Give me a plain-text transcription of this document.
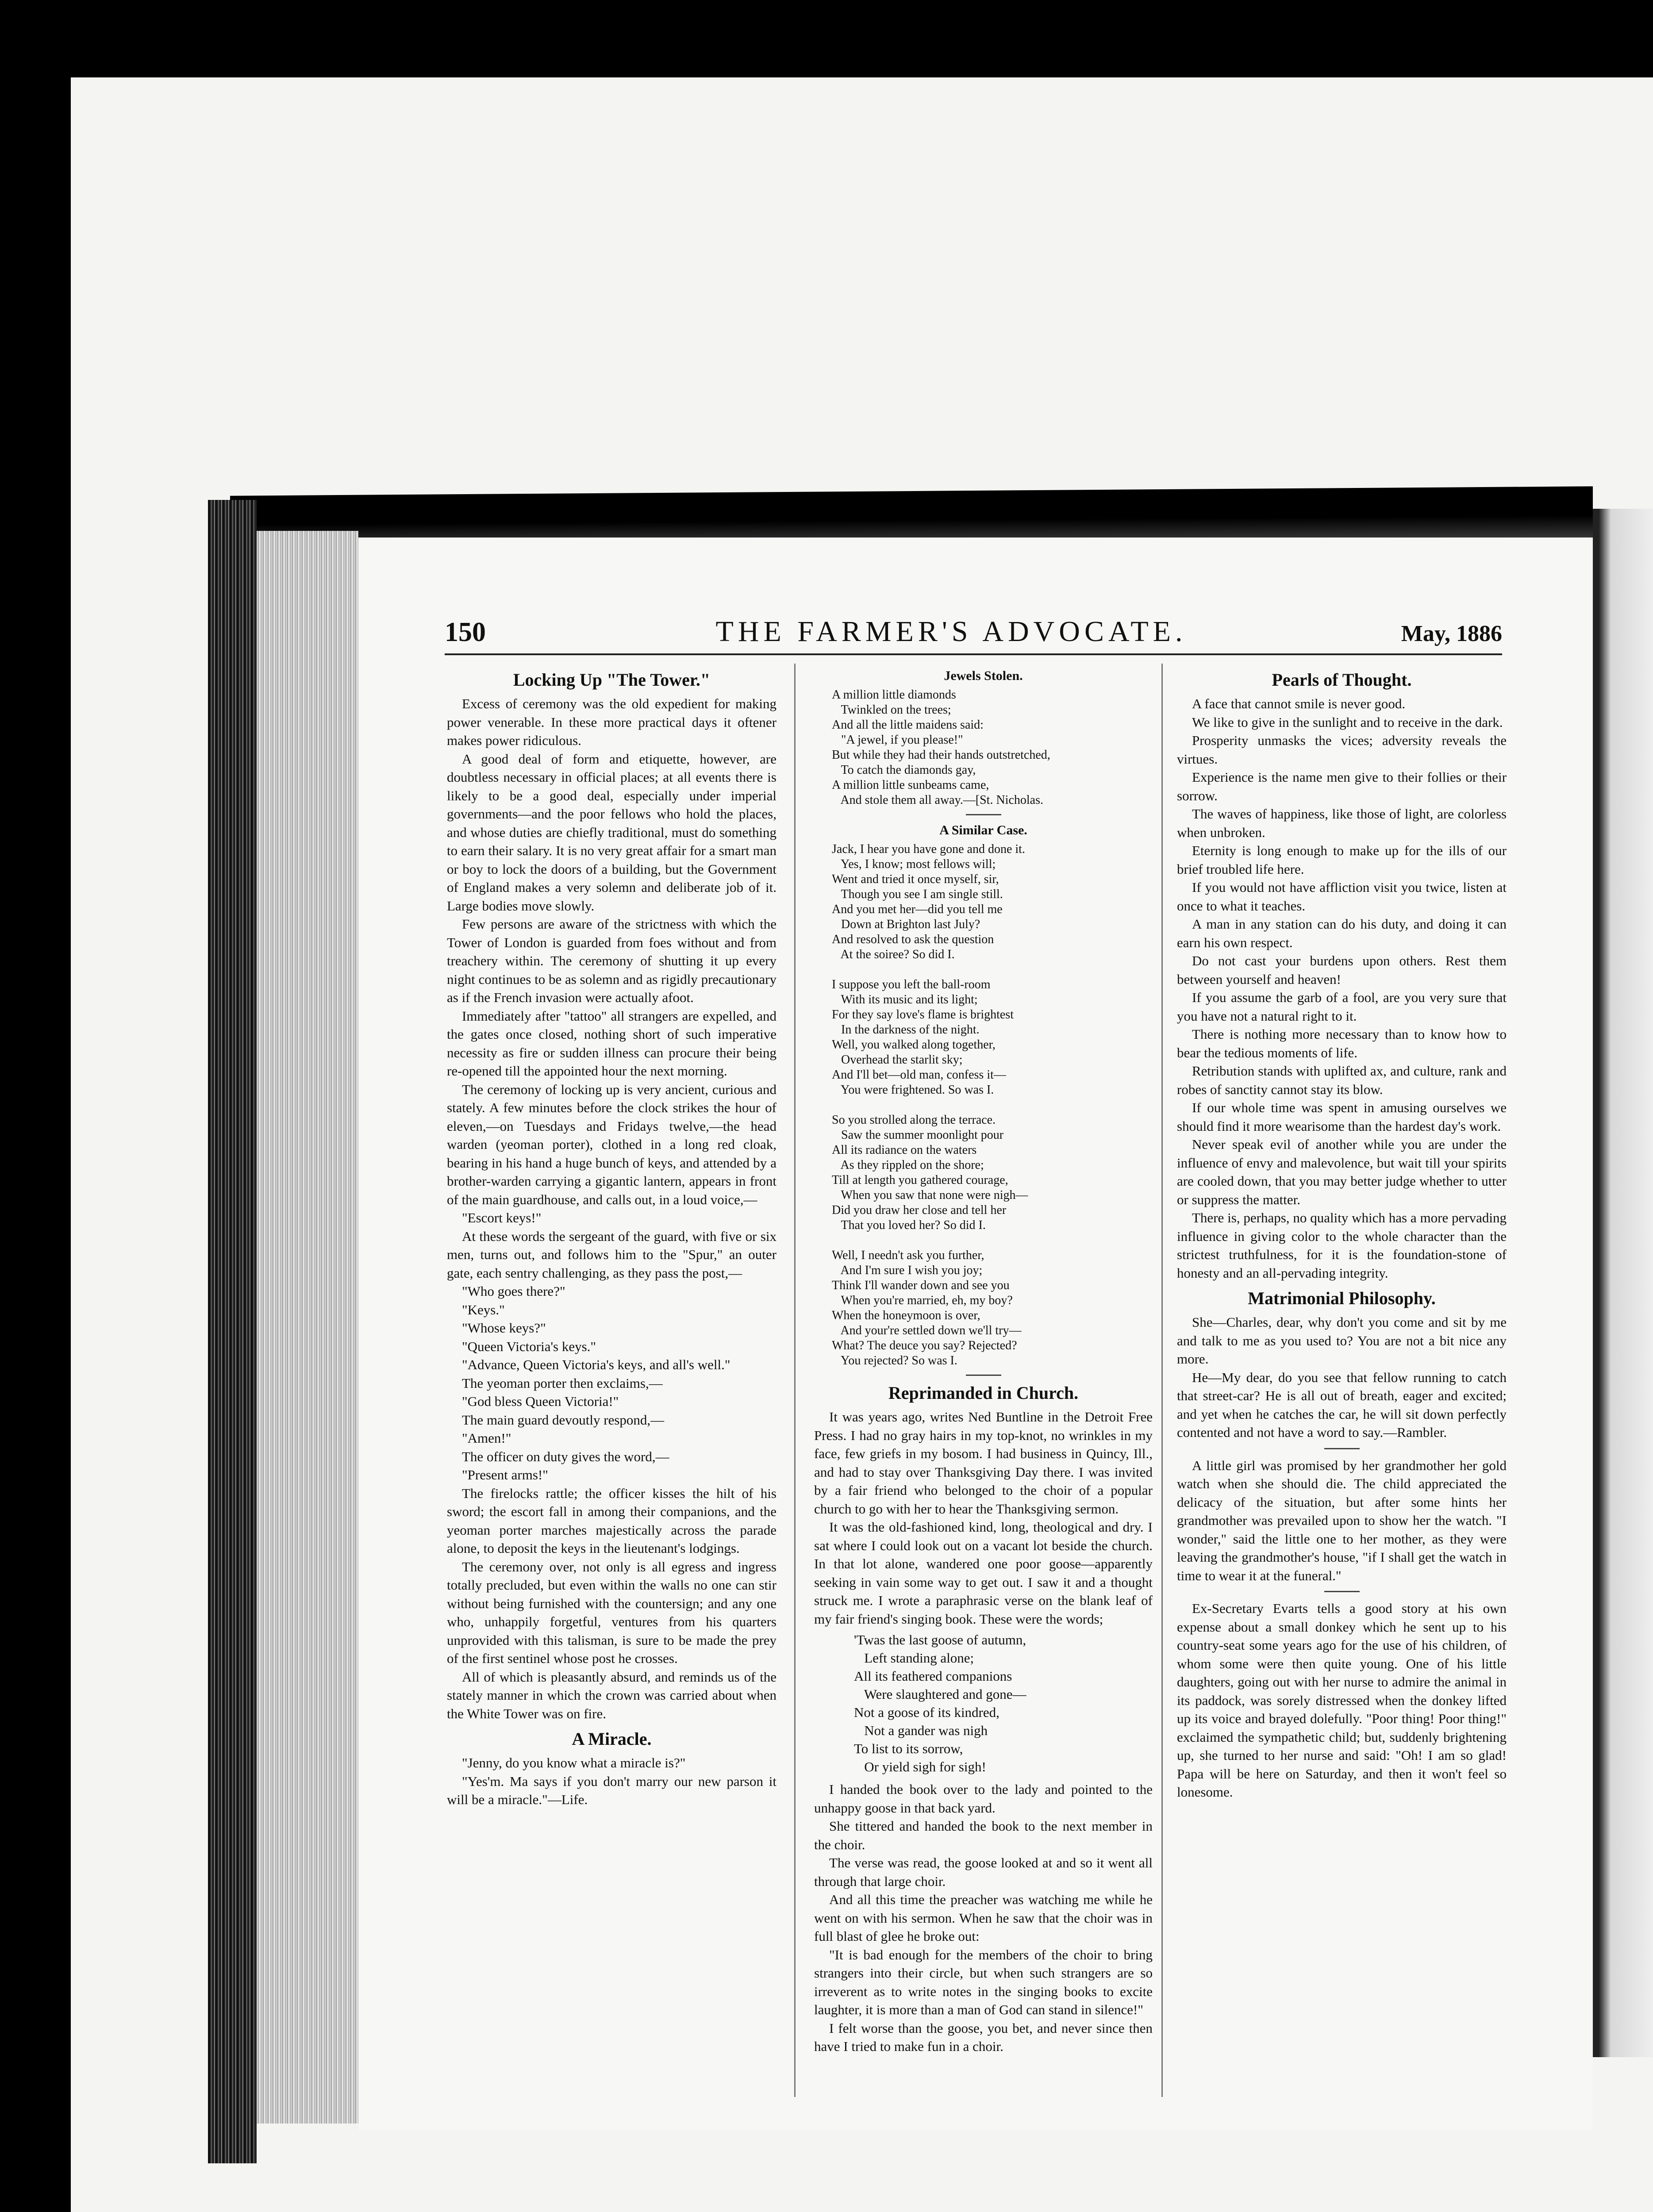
150	THE FARMER'S ADVOCATE.	May, 1886
Locking Up "The Tower."

Excess of ceremony was the old expedient for making power venerable. In these more practical days it oftener makes power ridiculous.

A good deal of form and etiquette, however, are doubtless necessary in official places; at all events there is likely to be a good deal, especially under imperial governments—and the poor fellows who hold the places, and whose duties are chiefly traditional, must do something to earn their salary. It is no very great affair for a smart man or boy to lock the doors of a building, but the Government of England makes a very solemn and deliberate job of it. Large bodies move slowly.

Few persons are aware of the strictness with which the Tower of London is guarded from foes without and from treachery within. The ceremony of shutting it up every night continues to be as solemn and as rigidly precautionary as if the French invasion were actually afoot.

Immediately after "tattoo" all strangers are expelled, and the gates once closed, nothing short of such imperative necessity as fire or sudden illness can procure their being re-opened till the appointed hour the next morning.

The ceremony of locking up is very ancient, curious and stately. A few minutes before the clock strikes the hour of eleven,—on Tuesdays and Fridays twelve,—the head warden (yeoman porter), clothed in a long red cloak, bearing in his hand a huge bunch of keys, and attended by a brother-warden carrying a gigantic lantern, appears in front of the main guardhouse, and calls out, in a loud voice,—

"Escort keys!"

At these words the sergeant of the guard, with five or six men, turns out, and follows him to the "Spur," an outer gate, each sentry challenging, as they pass the post,—

"Who goes there?"

"Keys."

"Whose keys?"

"Queen Victoria's keys."

"Advance, Queen Victoria's keys, and all's well."

The yeoman porter then exclaims,—

"God bless Queen Victoria!"

The main guard devoutly respond,—

"Amen!"

The officer on duty gives the word,—

"Present arms!"

The firelocks rattle; the officer kisses the hilt of his sword; the escort fall in among their companions, and the yeoman porter marches majestically across the parade alone, to deposit the keys in the lieutenant's lodgings.

The ceremony over, not only is all egress and ingress totally precluded, but even within the walls no one can stir without being furnished with the countersign; and any one who, unhappily forgetful, ventures from his quarters unprovided with this talisman, is sure to be made the prey of the first sentinel whose post he crosses.

All of which is pleasantly absurd, and reminds us of the stately manner in which the crown was carried about when the White Tower was on fire.

A Miracle.

"Jenny, do you know what a miracle is?"

"Yes'm. Ma says if you don't marry our new parson it will be a miracle."—Life.

Jewels Stolen.
A million little diamonds
Twinkled on the trees;
And all the little maidens said:
"A jewel, if you please!"
But while they had their hands outstretched,
To catch the diamonds gay,
A million little sunbeams came,
And stole them all away.—[St. Nicholas.
A Similar Case.
Jack, I hear you have gone and done it.
Yes, I know; most fellows will;
Went and tried it once myself, sir,
Though you see I am single still.
And you met her—did you tell me
Down at Brighton last July?
And resolved to ask the question
At the soiree? So did I.

I suppose you left the ball-room
With its music and its light;
For they say love's flame is brightest
In the darkness of the night.
Well, you walked along together,
Overhead the starlit sky;
And I'll bet—old man, confess it—
You were frightened. So was I.

So you strolled along the terrace.
Saw the summer moonlight pour
All its radiance on the waters
As they rippled on the shore;
Till at length you gathered courage,
When you saw that none were nigh—
Did you draw her close and tell her
That you loved her? So did I.

Well, I needn't ask you further,
And I'm sure I wish you joy;
Think I'll wander down and see you
When you're married, eh, my boy?
When the honeymoon is over,
And your're settled down we'll try—
What? The deuce you say? Rejected?
You rejected? So was I.
Reprimanded in Church.

It was years ago, writes Ned Buntline in the Detroit Free Press. I had no gray hairs in my top-knot, no wrinkles in my face, few griefs in my bosom. I had business in Quincy, Ill., and had to stay over Thanksgiving Day there. I was invited by a fair friend who belonged to the choir of a popular church to go with her to hear the Thanksgiving sermon.

It was the old-fashioned kind, long, theological and dry. I sat where I could look out on a vacant lot beside the church. In that lot alone, wandered one poor goose—apparently seeking in vain some way to get out. I saw it and a thought struck me. I wrote a paraphrasic verse on the blank leaf of my fair friend's singing book. These were the words;

'Twas the last goose of autumn,
Left standing alone;
All its feathered companions
Were slaughtered and gone—
Not a goose of its kindred,
Not a gander was nigh
To list to its sorrow,
Or yield sigh for sigh!

I handed the book over to the lady and pointed to the unhappy goose in that back yard.

She tittered and handed the book to the next member in the choir.

The verse was read, the goose looked at and so it went all through that large choir.

And all this time the preacher was watching me while he went on with his sermon. When he saw that the choir was in full blast of glee he broke out:

"It is bad enough for the members of the choir to bring strangers into their circle, but when such strangers are so irreverent as to write notes in the singing books to excite laughter, it is more than a man of God can stand in silence!"

I felt worse than the goose, you bet, and never since then have I tried to make fun in a choir.

Pearls of Thought.

A face that cannot smile is never good.

We like to give in the sunlight and to receive in the dark.

Prosperity unmasks the vices; adversity reveals the virtues.

Experience is the name men give to their follies or their sorrow.

The waves of happiness, like those of light, are colorless when unbroken.

Eternity is long enough to make up for the ills of our brief troubled life here.

If you would not have affliction visit you twice, listen at once to what it teaches.

A man in any station can do his duty, and doing it can earn his own respect.

Do not cast your burdens upon others. Rest them between yourself and heaven!

If you assume the garb of a fool, are you very sure that you have not a natural right to it.

There is nothing more necessary than to know how to bear the tedious moments of life.

Retribution stands with uplifted ax, and culture, rank and robes of sanctity cannot stay its blow.

If our whole time was spent in amusing ourselves we should find it more wearisome than the hardest day's work.

Never speak evil of another while you are under the influence of envy and malevolence, but wait till your spirits are cooled down, that you may better judge whether to utter or suppress the matter.

There is, perhaps, no quality which has a more pervading influence in giving color to the whole character than the strictest truthfulness, for it is the foundation-stone of honesty and an all-pervading integrity.

Matrimonial Philosophy.

She—Charles, dear, why don't you come and sit by me and talk to me as you used to? You are not a bit nice any more.

He—My dear, do you see that fellow running to catch that street-car? He is all out of breath, eager and excited; and yet when he catches the car, he will sit down perfectly contented and not have a word to say.—Rambler.

A little girl was promised by her grandmother her gold watch when she should die. The child appreciated the delicacy of the situation, but after some hints her grandmother was prevailed upon to show her the watch. "I wonder," said the little one to her mother, as they were leaving the grandmother's house, "if I shall get the watch in time to wear it at the funeral."

Ex-Secretary Evarts tells a good story at his own expense about a small donkey which he sent up to his country-seat some years ago for the use of his children, of whom some were then quite young. One of his little daughters, going out with her nurse to admire the animal in its paddock, was sorely distressed when the donkey lifted up its voice and brayed dolefully. "Poor thing! Poor thing!" exclaimed the sympathetic child; but, suddenly brightening up, she turned to her nurse and said: "Oh! I am so glad! Papa will be here on Saturday, and then it won't feel so lonesome.
